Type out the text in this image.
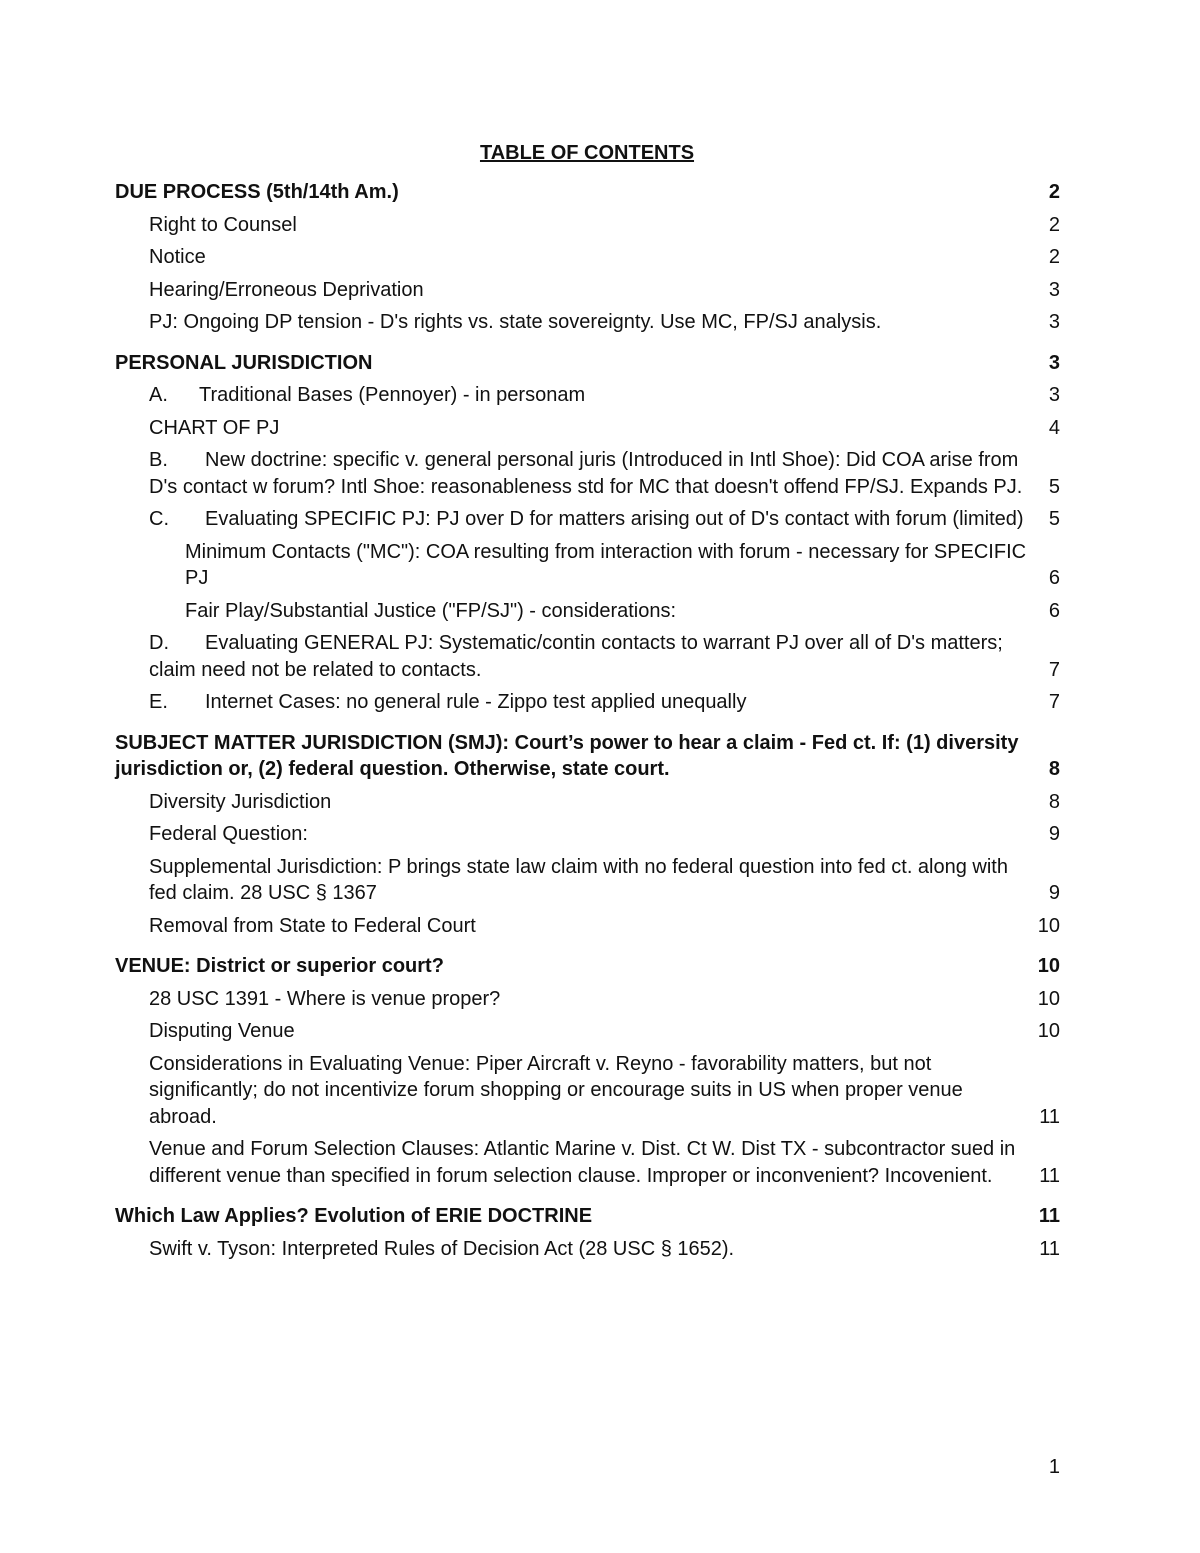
TABLE OF CONTENTS
DUE PROCESS (5th/14th Am.)	2
Right to Counsel	2
Notice	2
Hearing/Erroneous Deprivation	3
PJ: Ongoing DP tension - D's rights vs. state sovereignty. Use MC, FP/SJ analysis.	3
PERSONAL JURISDICTION	3
A. Traditional Bases (Pennoyer) - in personam	3
CHART OF PJ	4
B. New doctrine: specific v. general personal juris (Introduced in Intl Shoe): Did COA arise from D's contact w forum? Intl Shoe: reasonableness std for MC that doesn't offend FP/SJ. Expands PJ.	5
C. Evaluating SPECIFIC PJ: PJ over D for matters arising out of D's contact with forum (limited)	5
Minimum Contacts ("MC"): COA resulting from interaction with forum - necessary for SPECIFIC PJ	6
Fair Play/Substantial Justice ("FP/SJ") - considerations:	6
D. Evaluating GENERAL PJ: Systematic/contin contacts to warrant PJ over all of D's matters; claim need not be related to contacts.	7
E. Internet Cases: no general rule - Zippo test applied unequally	7
SUBJECT MATTER JURISDICTION (SMJ): Court’s power to hear a claim - Fed ct. If: (1) diversity jurisdiction or, (2) federal question. Otherwise, state court.	8
Diversity Jurisdiction	8
Federal Question:	9
Supplemental Jurisdiction: P brings state law claim with no federal question into fed ct. along with fed claim. 28 USC § 1367	9
Removal from State to Federal Court	10
VENUE: District or superior court?	10
28 USC 1391 - Where is venue proper?	10
Disputing Venue	10
Considerations in Evaluating Venue: Piper Aircraft v. Reyno - favorability matters, but not significantly; do not incentivize forum shopping or encourage suits in US when proper venue abroad.	11
Venue and Forum Selection Clauses: Atlantic Marine v. Dist. Ct W. Dist TX - subcontractor sued in different venue than specified in forum selection clause. Improper or inconvenient? Incovenient.	11
Which Law Applies? Evolution of ERIE DOCTRINE	11
Swift v. Tyson: Interpreted Rules of Decision Act (28 USC § 1652).	11
1
